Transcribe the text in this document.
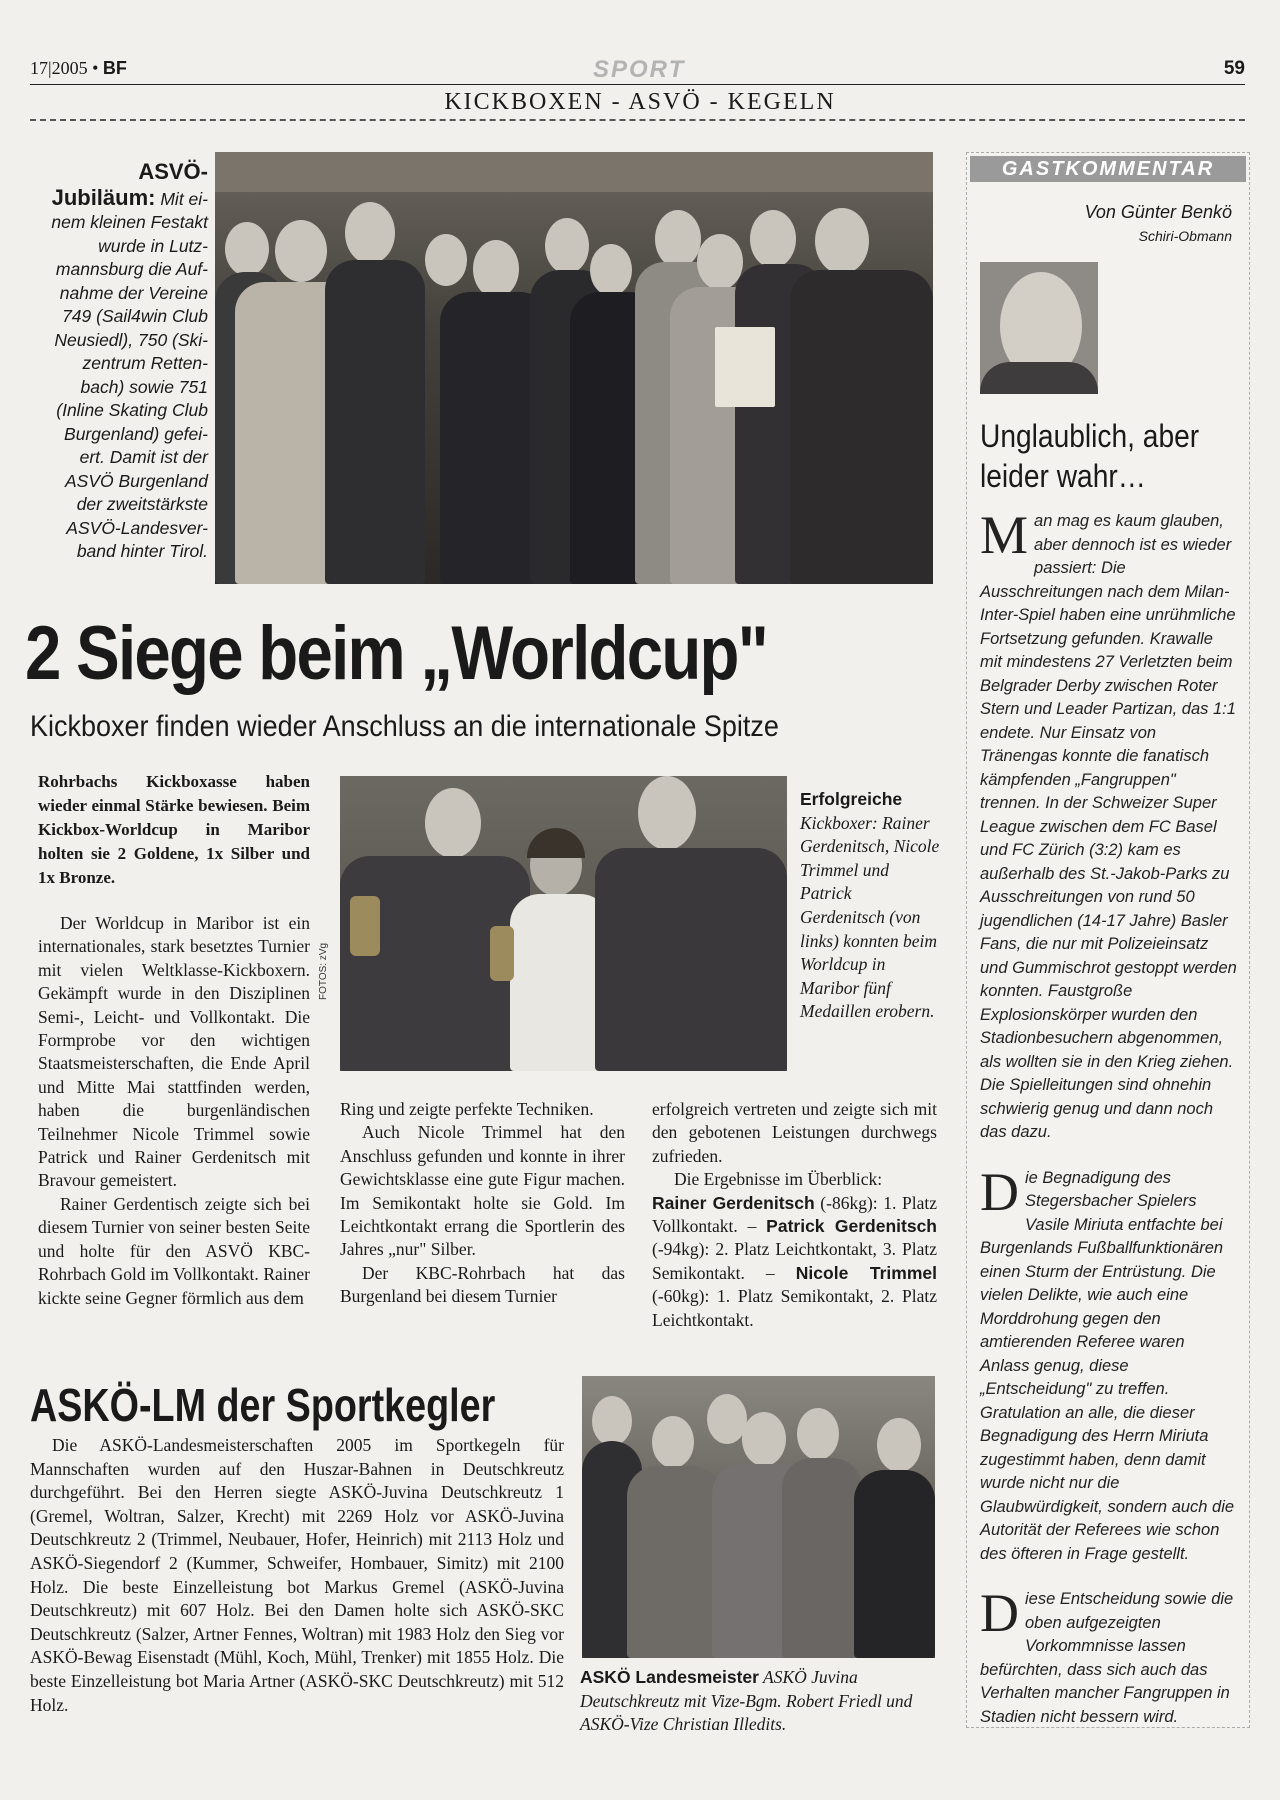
17|2005 • BF	SPORT	59
KICKBOXEN - ASVÖ - KEGELN
ASVÖ-
Jubiläum: Mit ei-
nem kleinen Festakt
wurde in Lutz-
mannsburg die Auf-
nahme der Vereine
749 (Sail4win Club
Neusiedl), 750 (Ski-
zentrum Retten-
bach) sowie 751
(Inline Skating Club
Burgenland) gefei-
ert. Damit ist der
ASVÖ Burgenland
der zweitstärkste
ASVÖ-Landesver-
band hinter Tirol.
2 Siege beim „Worldcup"
Kickboxer finden wieder Anschluss an die internationale Spitze
Rohrbachs Kickboxasse haben wieder einmal Stärke bewiesen. Beim Kickbox-Worldcup in Maribor holten sie 2 Goldene, 1x Silber und 1x Bronze.

Der Worldcup in Maribor ist ein internationales, stark besetztes Turnier mit vielen Weltklasse-Kickboxern. Gekämpft wurde in den Disziplinen Semi-, Leicht- und Vollkontakt. Die Formprobe vor den wichtigen Staatsmeisterschaften, die Ende April und Mitte Mai stattfinden werden, haben die burgenländischen Teilnehmer Nicole Trimmel sowie Patrick und Rainer Gerdenitsch mit Bravour gemeistert.

Rainer Gerdentisch zeigte sich bei diesem Turnier von seiner besten Seite und holte für den ASVÖ KBC-Rohrbach Gold im Vollkontakt. Rainer kickte seine Gegner förmlich aus dem

FOTOS: zVg
Erfolgreiche Kickboxer: Rainer Gerdenitsch, Nicole Trimmel und Patrick Gerdenitsch (von links) konnten beim Worldcup in Maribor fünf Medaillen erobern.

Ring und zeigte perfekte Techniken.

Auch Nicole Trimmel hat den Anschluss gefunden und konnte in ihrer Gewichtsklasse eine gute Figur machen. Im Semikontakt holte sie Gold. Im Leichtkontakt errang die Sportlerin des Jahres „nur" Silber.

Der KBC-Rohrbach hat das Burgenland bei diesem Turnier

erfolgreich vertreten und zeigte sich mit den gebotenen Leistungen durchwegs zufrieden.

Die Ergebnisse im Überblick:

Rainer Gerdenitsch (-86kg): 1. Platz Vollkontakt. – Patrick Gerdenitsch (-94kg): 2. Platz Leichtkontakt, 3. Platz Semikontakt. – Nicole Trimmel (-60kg): 1. Platz Semikontakt, 2. Platz Leichtkontakt.

ASKÖ-LM der Sportkegler

Die ASKÖ-Landesmeisterschaften 2005 im Sportkegeln für Mannschaften wurden auf den Huszar-Bahnen in Deutschkreutz durchgeführt. Bei den Herren siegte ASKÖ-Juvina Deutschkreutz 1 (Gremel, Woltran, Salzer, Krecht) mit 2269 Holz vor ASKÖ-Juvina Deutschkreutz 2 (Trimmel, Neubauer, Hofer, Heinrich) mit 2113 Holz und ASKÖ-Siegendorf 2 (Kummer, Schweifer, Hombauer, Simitz) mit 2100 Holz. Die beste Einzelleistung bot Markus Gremel (ASKÖ-Juvina Deutschkreutz) mit 607 Holz. Bei den Damen holte sich ASKÖ-SKC Deutschkreutz (Salzer, Artner Fennes, Woltran) mit 1983 Holz den Sieg vor ASKÖ-Bewag Eisenstadt (Mühl, Koch, Mühl, Trenker) mit 1855 Holz. Die beste Einzelleistung bot Maria Artner (ASKÖ-SKC Deutschkreutz) mit 512 Holz.

ASKÖ Landesmeister ASKÖ Juvina Deutschkreutz mit Vize-Bgm. Robert Friedl und ASKÖ-Vize Christian Illedits.
GASTKOMMENTAR
Von Günter Benkö
Schiri-Obmann
Unglaublich, aber leider wahr…

Man mag es kaum glauben, aber dennoch ist es wieder passiert: Die Ausschreitungen nach dem Milan-Inter-Spiel haben eine unrühmliche Fortsetzung gefunden. Krawalle mit mindestens 27 Verletzten beim Belgrader Derby zwischen Roter Stern und Leader Partizan, das 1:1 endete. Nur Einsatz von Tränengas konnte die fanatisch kämpfenden „Fangruppen" trennen. In der Schweizer Super League zwischen dem FC Basel und FC Zürich (3:2) kam es außerhalb des St.-Jakob-Parks zu Ausschreitungen von rund 50 jugendlichen (14-17 Jahre) Basler Fans, die nur mit Polizeieinsatz und Gummischrot gestoppt werden konnten. Faustgroße Explosionskörper wurden den Stadionbesuchern abgenommen, als wollten sie in den Krieg ziehen. Die Spielleitungen sind ohnehin schwierig genug und dann noch das dazu.

Die Begnadigung des Stegersbacher Spielers Vasile Miriuta entfachte bei Burgenlands Fußballfunktionären einen Sturm der Entrüstung. Die vielen Delikte, wie auch eine Morddrohung gegen den amtierenden Referee waren Anlass genug, diese „Entscheidung" zu treffen. Gratulation an alle, die dieser Begnadigung des Herrn Miriuta zugestimmt haben, denn damit wurde nicht nur die Glaubwürdigkeit, sondern auch die Autorität der Referees wie schon des öfteren in Frage gestellt.

Diese Entscheidung sowie die oben aufgezeigten Vorkommnisse lassen befürchten, dass sich auch das Verhalten mancher Fangruppen in Stadien nicht bessern wird.
